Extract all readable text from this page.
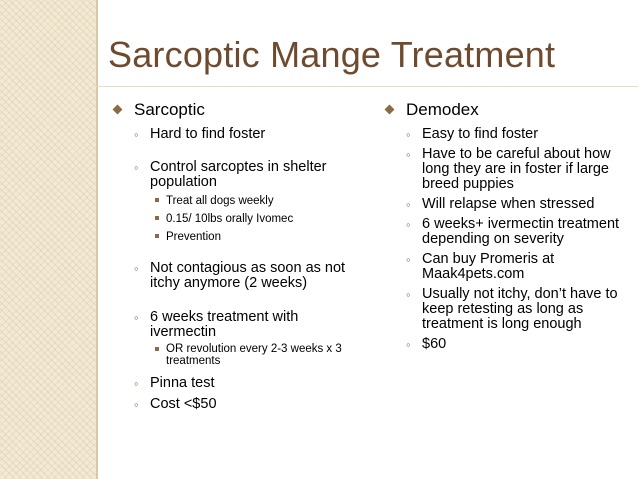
Sarcoptic Mange Treatment
Sarcoptic
◦ Hard to find foster
◦ Control sarcoptes in shelter population
Treat all dogs weekly
0.15/ 10lbs orally Ivomec
Prevention
◦ Not contagious as soon as not itchy anymore (2 weeks)
◦ 6 weeks treatment with ivermectin
OR revolution every 2-3 weeks x 3 treatments
◦ Pinna test
◦ Cost <$50
Demodex
◦ Easy to find foster
◦ Have to be careful about how long they are in foster if large breed puppies
◦ Will relapse when stressed
◦ 6 weeks+ ivermectin treatment depending on severity
◦ Can buy Promeris at Maak4pets.com
◦ Usually not itchy, don’t have to keep retesting as long as treatment is long enough
◦ $60
